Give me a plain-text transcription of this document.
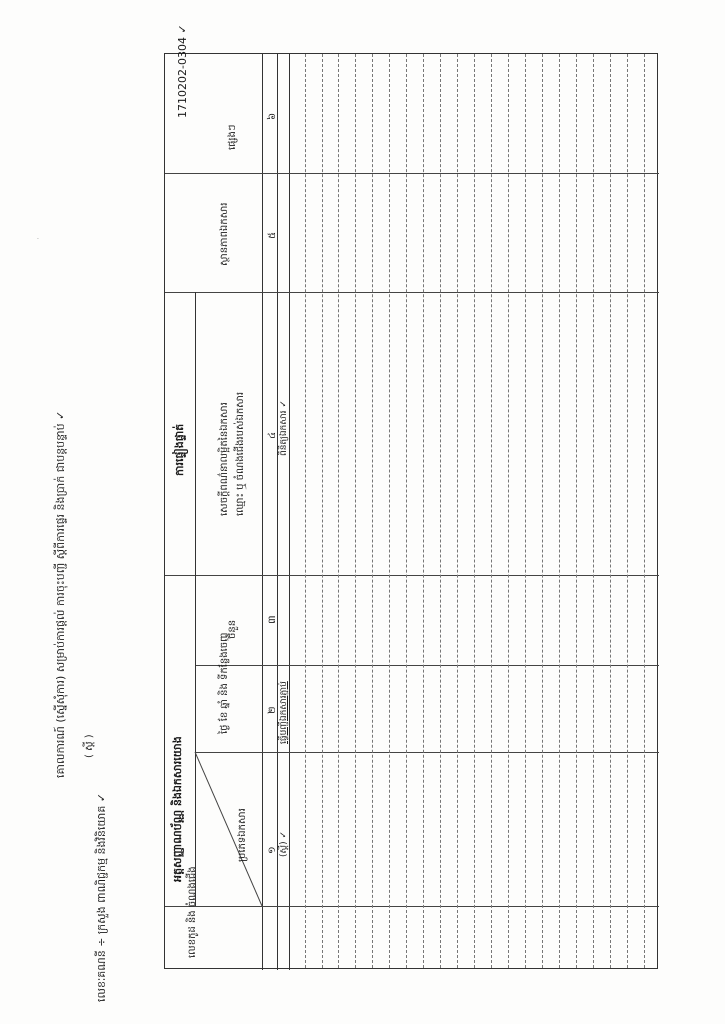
គោលការណ៍ (ស្នើសុំការ) សម្រាប់ការផ្តល់ ការចុះបញ្ជី ស្តីពីការផ្ទេរ និងប្រាក់ ជាបន្តបន្ទាប់ ✓	( ស្តី )
លេខៈគណនី ÷ ក្រសួង ពាណិជ្ជកម្ម និងវិនិយោគ ✓
·
លេខកូដ និង ចំណងជើង
ប្រភេទឯកសារ
អត្តសញ្ញាណប័ណ្ណ និងឯកសារយោង
ថ្ងៃ ខែ ឆ្នាំ និង ទីកន្លែងចេញ
ចំនួន
ការផ្ទៀងផ្ទាត់	សេចក្តីពណ៌នាលម្អិតនៃឯកសារ ឈ្មោះ ឬ ចំណងជើងរបស់ឯកសារ
ស្ថានភាពឯកសារ
ផ្សេងៗ
១
២
៣
៤
៥
៦
(ស្តី) ✓
ធ្វើបញ្ជីឯកសារភ្ជាប់
ពិនិត្យឯកសារ ✓
1710202-0304 ✓
